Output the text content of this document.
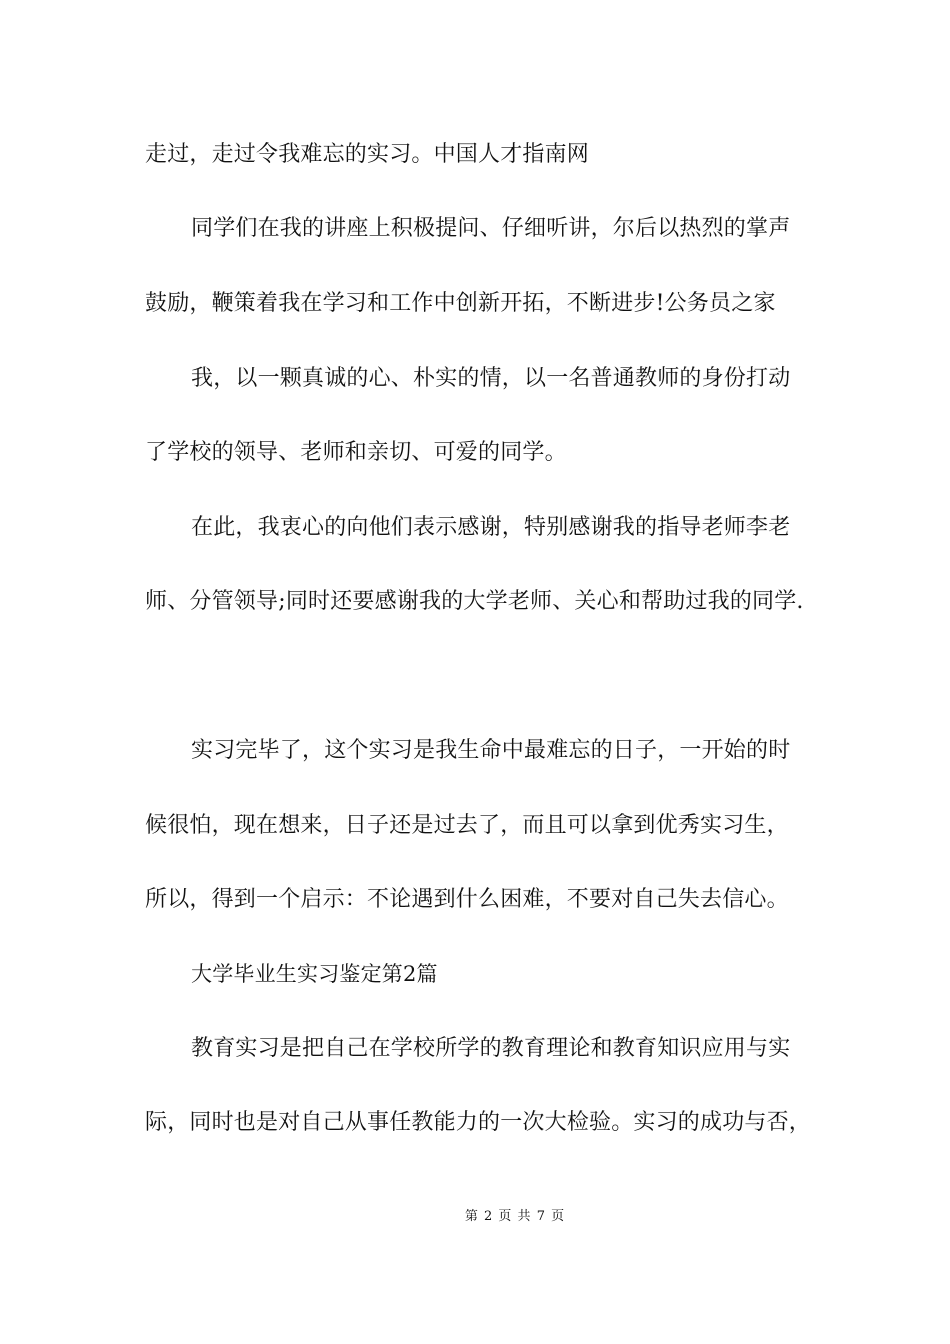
走过，走过令我难忘的实习。中国人才指南网
同学们在我的讲座上积极提问、仔细听讲，尔后以热烈的掌声
鼓励，鞭策着我在学习和工作中创新开拓，不断进步!公务员之家
我，以一颗真诚的心、朴实的情，以一名普通教师的身份打动
了学校的领导、老师和亲切、可爱的同学。
在此，我衷心的向他们表示感谢，特别感谢我的指导老师李老
师、分管领导;同时还要感谢我的大学老师、关心和帮助过我的同学.
实习完毕了，这个实习是我生命中最难忘的日子，一开始的时
候很怕，现在想来，日子还是过去了，而且可以拿到优秀实习生，
所以，得到一个启示：不论遇到什么困难，不要对自己失去信心。
大学毕业生实习鉴定第2篇
教育实习是把自己在学校所学的教育理论和教育知识应用与实
际，同时也是对自己从事任教能力的一次大检验。实习的成功与否，
第 2 页 共 7 页
